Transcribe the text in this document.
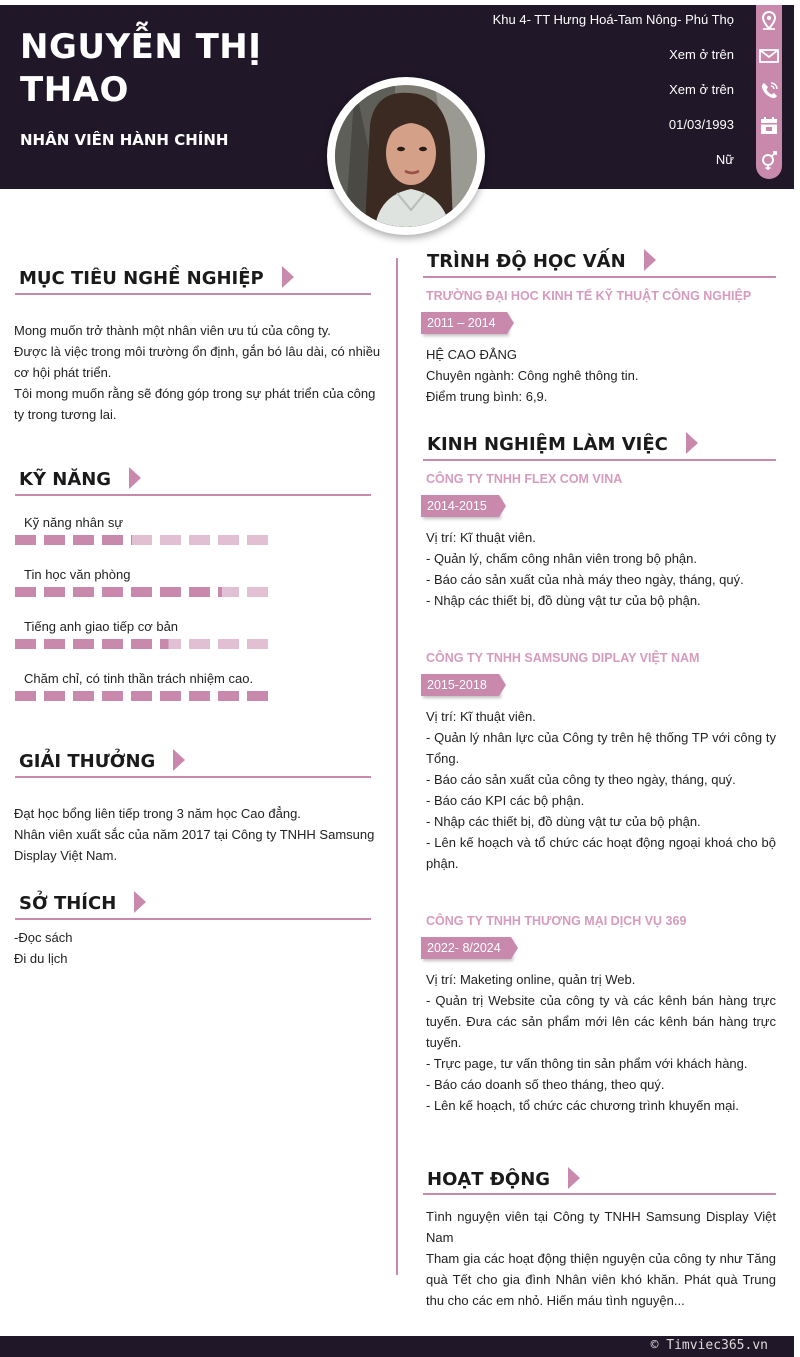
NGUYỄN THỊ
THAO
NHÂN VIÊN HÀNH CHÍNH
Khu 4- TT Hưng Hoá-Tam Nông- Phú Thọ
Xem ở trên
Xem ở trên
01/03/1993
Nữ
MỤC TIÊU NGHỀ NGHIỆP

Mong muốn trở thành một nhân viên ưu tú của công ty.

Được là việc trong môi trường ổn định, gắn bó lâu dài, có nhiều cơ hội phát triển.

Tôi mong muốn rằng sẽ đóng góp trong sự phát triển của công ty trong tương lai.

KỸ NĂNG
Kỹ năng nhân sự
Tin học văn phòng
Tiếng anh giao tiếp cơ bản
Chăm chỉ, có tinh thần trách nhiệm cao.
GIẢI THƯỞNG

Đạt học bổng liên tiếp trong 3 năm học Cao đẳng.

Nhân viên xuất sắc của năm 2017 tại Công ty TNHH Samsung Display Việt Nam.

SỞ THÍCH

-Đọc sách

Đi du lịch

TRÌNH ĐỘ HỌC VẤN
TRƯỜNG ĐẠI HOC KINH TẾ KỸ THUẬT CÔNG NGHIỆP
2011 – 2014

HỆ CAO ĐẲNG

Chuyên ngành: Công nghê thông tin.

Điểm trung bình: 6,9.

KINH NGHIỆM LÀM VIỆC
CÔNG TY TNHH FLEX COM VINA
2014-2015

Vị trí: Kĩ thuật viên.

- Quản lý, chấm công nhân viên trong bộ phận.

- Báo cáo sản xuất của nhà máy theo ngày, tháng, quý.

- Nhập các thiết bị, đồ dùng vật tư của bộ phận.

CÔNG TY TNHH SAMSUNG DIPLAY VIỆT NAM
2015-2018

Vị trí: Kĩ thuật viên.

- Quản lý nhân lực của Công ty trên hệ thống TP với công ty Tổng.

- Báo cáo sản xuất của công ty theo ngày, tháng, quý.

- Báo cáo KPI các bộ phận.

- Nhập các thiết bị, đồ dùng vật tư của bộ phận.

- Lên kế hoạch và tổ chức các hoạt động ngoại khoá cho bộ phận.

CÔNG TY TNHH THƯƠNG MẠI DỊCH VỤ 369
2022- 8/2024

Vị trí: Maketing online, quản trị Web.

- Quản trị Website của công ty và các kênh bán hàng trực tuyến. Đưa các sản phẩm mới lên các kênh bán hàng trực tuyến.

- Trực page, tư vấn thông tin sản phẩm với khách hàng.

- Báo cáo doanh số theo tháng, theo quý.

- Lên kế hoạch, tổ chức các chương trình khuyến mại.

HOẠT ĐỘNG

Tình nguyện viên tại Công ty TNHH Samsung Display Việt Nam

Tham gia các hoạt động thiện nguyện của công ty như Tăng quà Tết cho gia đình Nhân viên khó khăn. Phát quà Trung thu cho các em nhỏ. Hiến máu tình nguyện...

© Timviec365.vn
